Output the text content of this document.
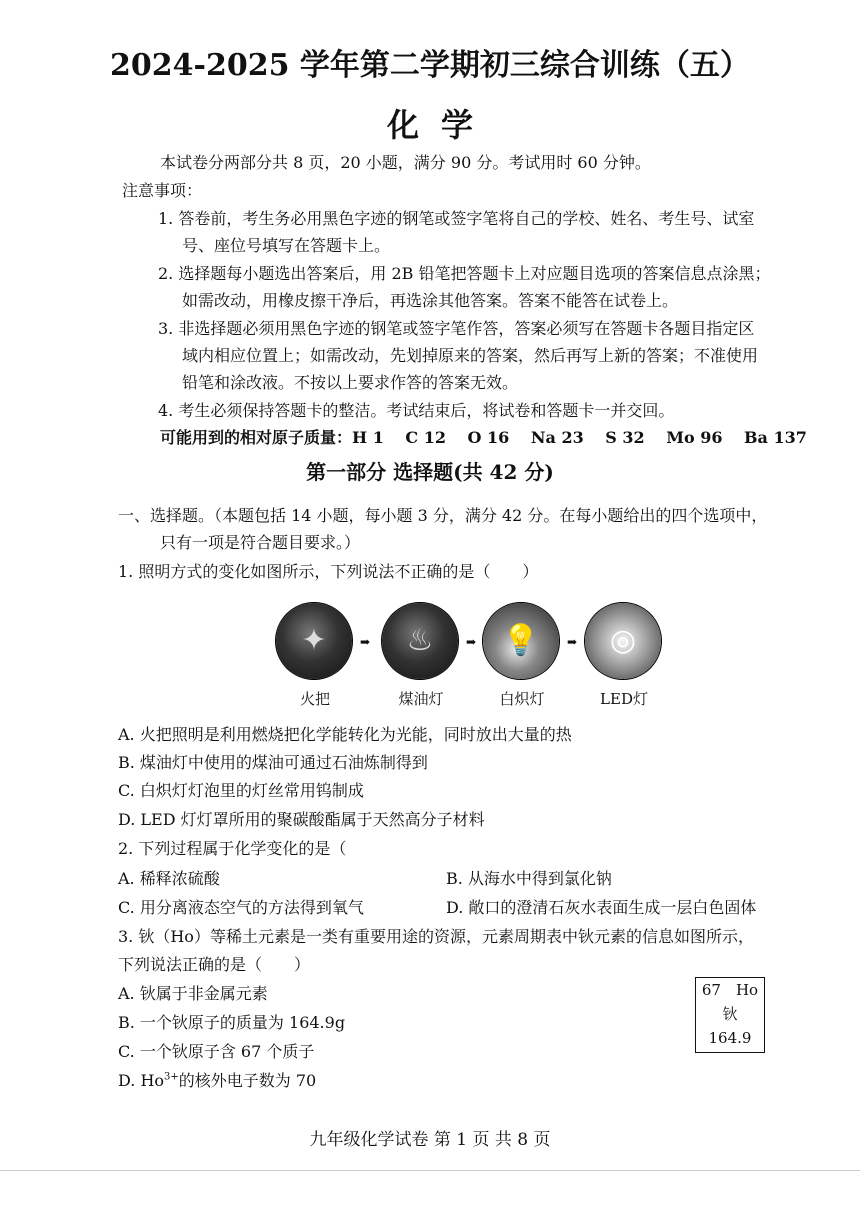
2024-2025 学年第二学期初三综合训练（五）
化学
本试卷分两部分共 8 页，20 小题，满分 90 分。考试用时 60 分钟。
注意事项：
1. 答卷前，考生务必用黑色字迹的钢笔或签字笔将自己的学校、姓名、考生号、试室
号、座位号填写在答题卡上。
2. 选择题每小题选出答案后，用 2B 铅笔把答题卡上对应题目选项的答案信息点涂黑；
如需改动，用橡皮擦干净后，再选涂其他答案。答案不能答在试卷上。
3. 非选择题必须用黑色字迹的钢笔或签字笔作答，答案必须写在答题卡各题目指定区
域内相应位置上；如需改动，先划掉原来的答案，然后再写上新的答案；不准使用
铅笔和涂改液。不按以上要求作答的答案无效。
4. 考生必须保持答题卡的整洁。考试结束后，将试卷和答题卡一并交回。
可能用到的相对原子质量：H 1　 C 12　 O 16　 Na 23　 S 32　 Mo 96　 Ba 137
第一部分 选择题(共 42 分)
一、选择题。（本题包括 14 小题，每小题 3 分，满分 42 分。在每小题给出的四个选项中，
只有一项是符合题目要求。）
1. 照明方式的变化如图所示，下列说法不正确的是（　　）
✦	➡	♨	➡ 💡	➡	◎
火把	煤油灯	白炽灯	LED灯
A. 火把照明是利用燃烧把化学能转化为光能，同时放出大量的热
B. 煤油灯中使用的煤油可通过石油炼制得到
C. 白炽灯灯泡里的灯丝常用钨制成
D. LED 灯灯罩所用的聚碳酸酯属于天然高分子材料
2. 下列过程属于化学变化的是（
A. 稀释浓硫酸	B. 从海水中得到氯化钠
C. 用分离液态空气的方法得到氧气	D. 敞口的澄清石灰水表面生成一层白色固体
3. 钬（Ho）等稀土元素是一类有重要用途的资源，元素周期表中钬元素的信息如图所示，
下列说法正确的是（　　）
A. 钬属于非金属元素
B. 一个钬原子的质量为 164.9g
C. 一个钬原子含 67 个质子
D. $Ho^{3+}$的核外电子数为 70
67　Ho
钬
164.9
九年级化学试卷 第 1 页 共 8 页
